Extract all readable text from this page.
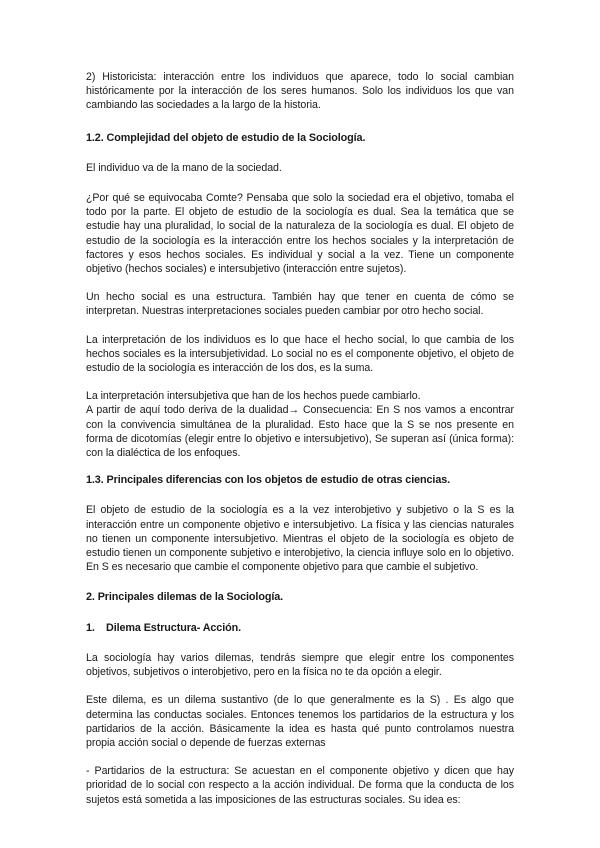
2) Historicista: interacción entre los individuos que aparece, todo lo social cambian históricamente por la interacción de los seres humanos. Solo los individuos los que van cambiando las sociedades a la largo de la historia.

1.2. Complejidad del objeto de estudio de la Sociología.

El individuo va de la mano de la sociedad.

¿Por qué se equivocaba Comte? Pensaba que solo la sociedad era el objetivo, tomaba el todo por la parte. El objeto de estudio de la sociología es dual. Sea la temática que se estudie hay una pluralidad, lo social de la naturaleza de la sociología es dual. El objeto de estudio de la sociología es la interacción entre los hechos sociales y la interpretación de factores y esos hechos sociales. Es individual y social a la vez. Tiene un componente objetivo (hechos sociales) e intersubjetivo (interacción entre sujetos).

Un hecho social es una estructura. También hay que tener en cuenta de cómo se interpretan. Nuestras interpretaciones sociales pueden cambiar por otro hecho social.

La interpretación de los individuos es lo que hace el hecho social, lo que cambia de los hechos sociales es la intersubjetividad. Lo social no es el componente objetivo, el objeto de estudio de la sociología es interacción de los dos, es la suma.

La interpretación intersubjetiva que han de los hechos puede cambiarlo.

A partir de aquí todo deriva de la dualidad→ Consecuencia: En S nos vamos a encontrar con la convivencia simultánea de la pluralidad. Esto hace que la S se nos presente en forma de dicotomías (elegir entre lo objetivo e intersubjetivo), Se superan así (única forma): con la dialéctica de los enfoques.

1.3. Principales diferencias con los objetos de estudio de otras ciencias.

El objeto de estudio de la sociología es a la vez interobjetivo y subjetivo o la S es la interacción entre un componente objetivo e intersubjetivo. La física y las ciencias naturales no tienen un componente intersubjetivo. Mientras el objeto de la sociología es objeto de estudio tienen un componente subjetivo e interobjetivo, la ciencia influye solo en lo objetivo. En S es necesario que cambie el componente objetivo para que cambie el subjetivo.

2. Principales dilemas de la Sociología.

1.	Dilema Estructura- Acción.

La sociología hay varios dilemas, tendrás siempre que elegir entre los componentes objetivos, subjetivos o interobjetivo, pero en la física no te da opción a elegir.

Este dilema, es un dilema sustantivo (de lo que generalmente es la S) . Es algo que determina las conductas sociales. Entonces tenemos los partidarios de la estructura y los partidarios de la acción. Básicamente la idea es hasta qué punto controlamos nuestra propia acción social o depende de fuerzas externas

- Partidarios de la estructura: Se acuestan en el componente objetivo y dicen que hay prioridad de lo social con respecto a la acción individual. De forma que la conducta de los sujetos está sometida a las imposiciones de las estructuras sociales. Su idea es:
